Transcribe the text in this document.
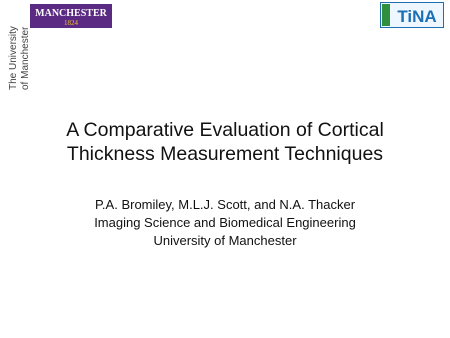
MANCHESTER
1824
The University of Manchester
TiNA
A Comparative Evaluation of Cortical
Thickness Measurement Techniques
P.A. Bromiley, M.L.J. Scott, and N.A. Thacker
Imaging Science and Biomedical Engineering
University of Manchester
